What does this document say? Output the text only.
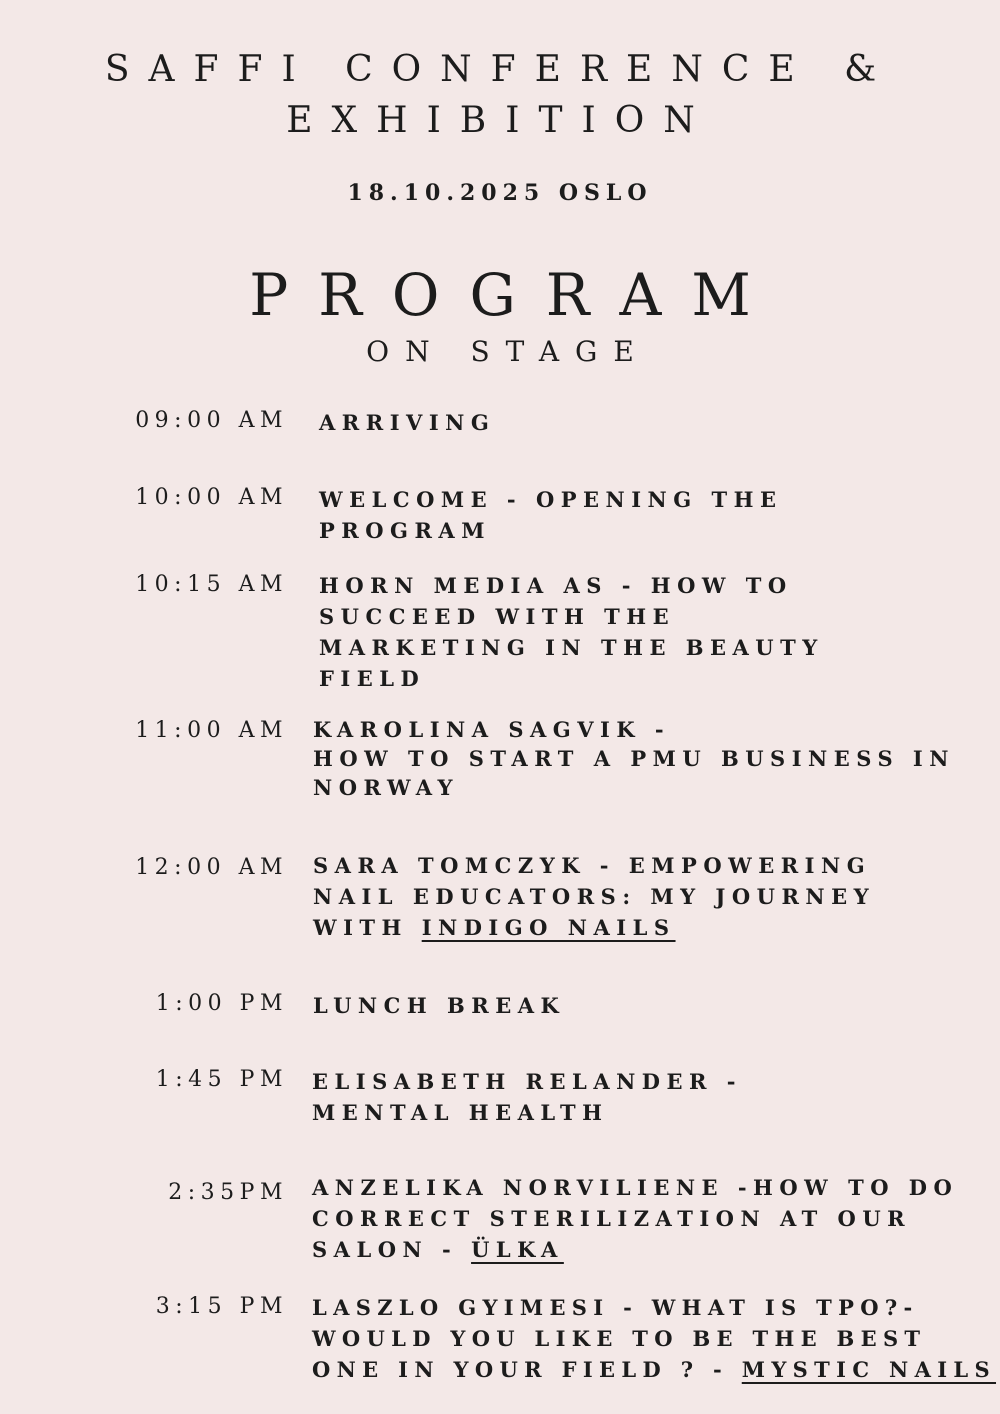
SAFFI CONFERENCE &
EXHIBITION
18.10.2025 OSLO
PROGRAM
ON STAGE
09:00 AM ARRIVING
10:00 AM WELCOME - OPENING THE
PROGRAM
10:15 AM HORN MEDIA AS - HOW TO
SUCCEED WITH THE
MARKETING IN THE BEAUTY
FIELD
11:00 AM KAROLINA SAGVIK -
HOW TO START A PMU BUSINESS IN
NORWAY
12:00 AM SARA TOMCZYK - EMPOWERING
NAIL EDUCATORS: MY JOURNEY
WITH INDIGO NAILS
1:00 PM LUNCH BREAK
1:45 PM ELISABETH RELANDER -
MENTAL HEALTH
2:35PM ANZELIKA NORVILIENE -HOW TO DO
CORRECT STERILIZATION AT OUR
SALON - ÜLKA
3:15 PM LASZLO GYIMESI - WHAT IS TPO?-
WOULD YOU LIKE TO BE THE BEST
ONE IN YOUR FIELD ? - MYSTIC NAILS
